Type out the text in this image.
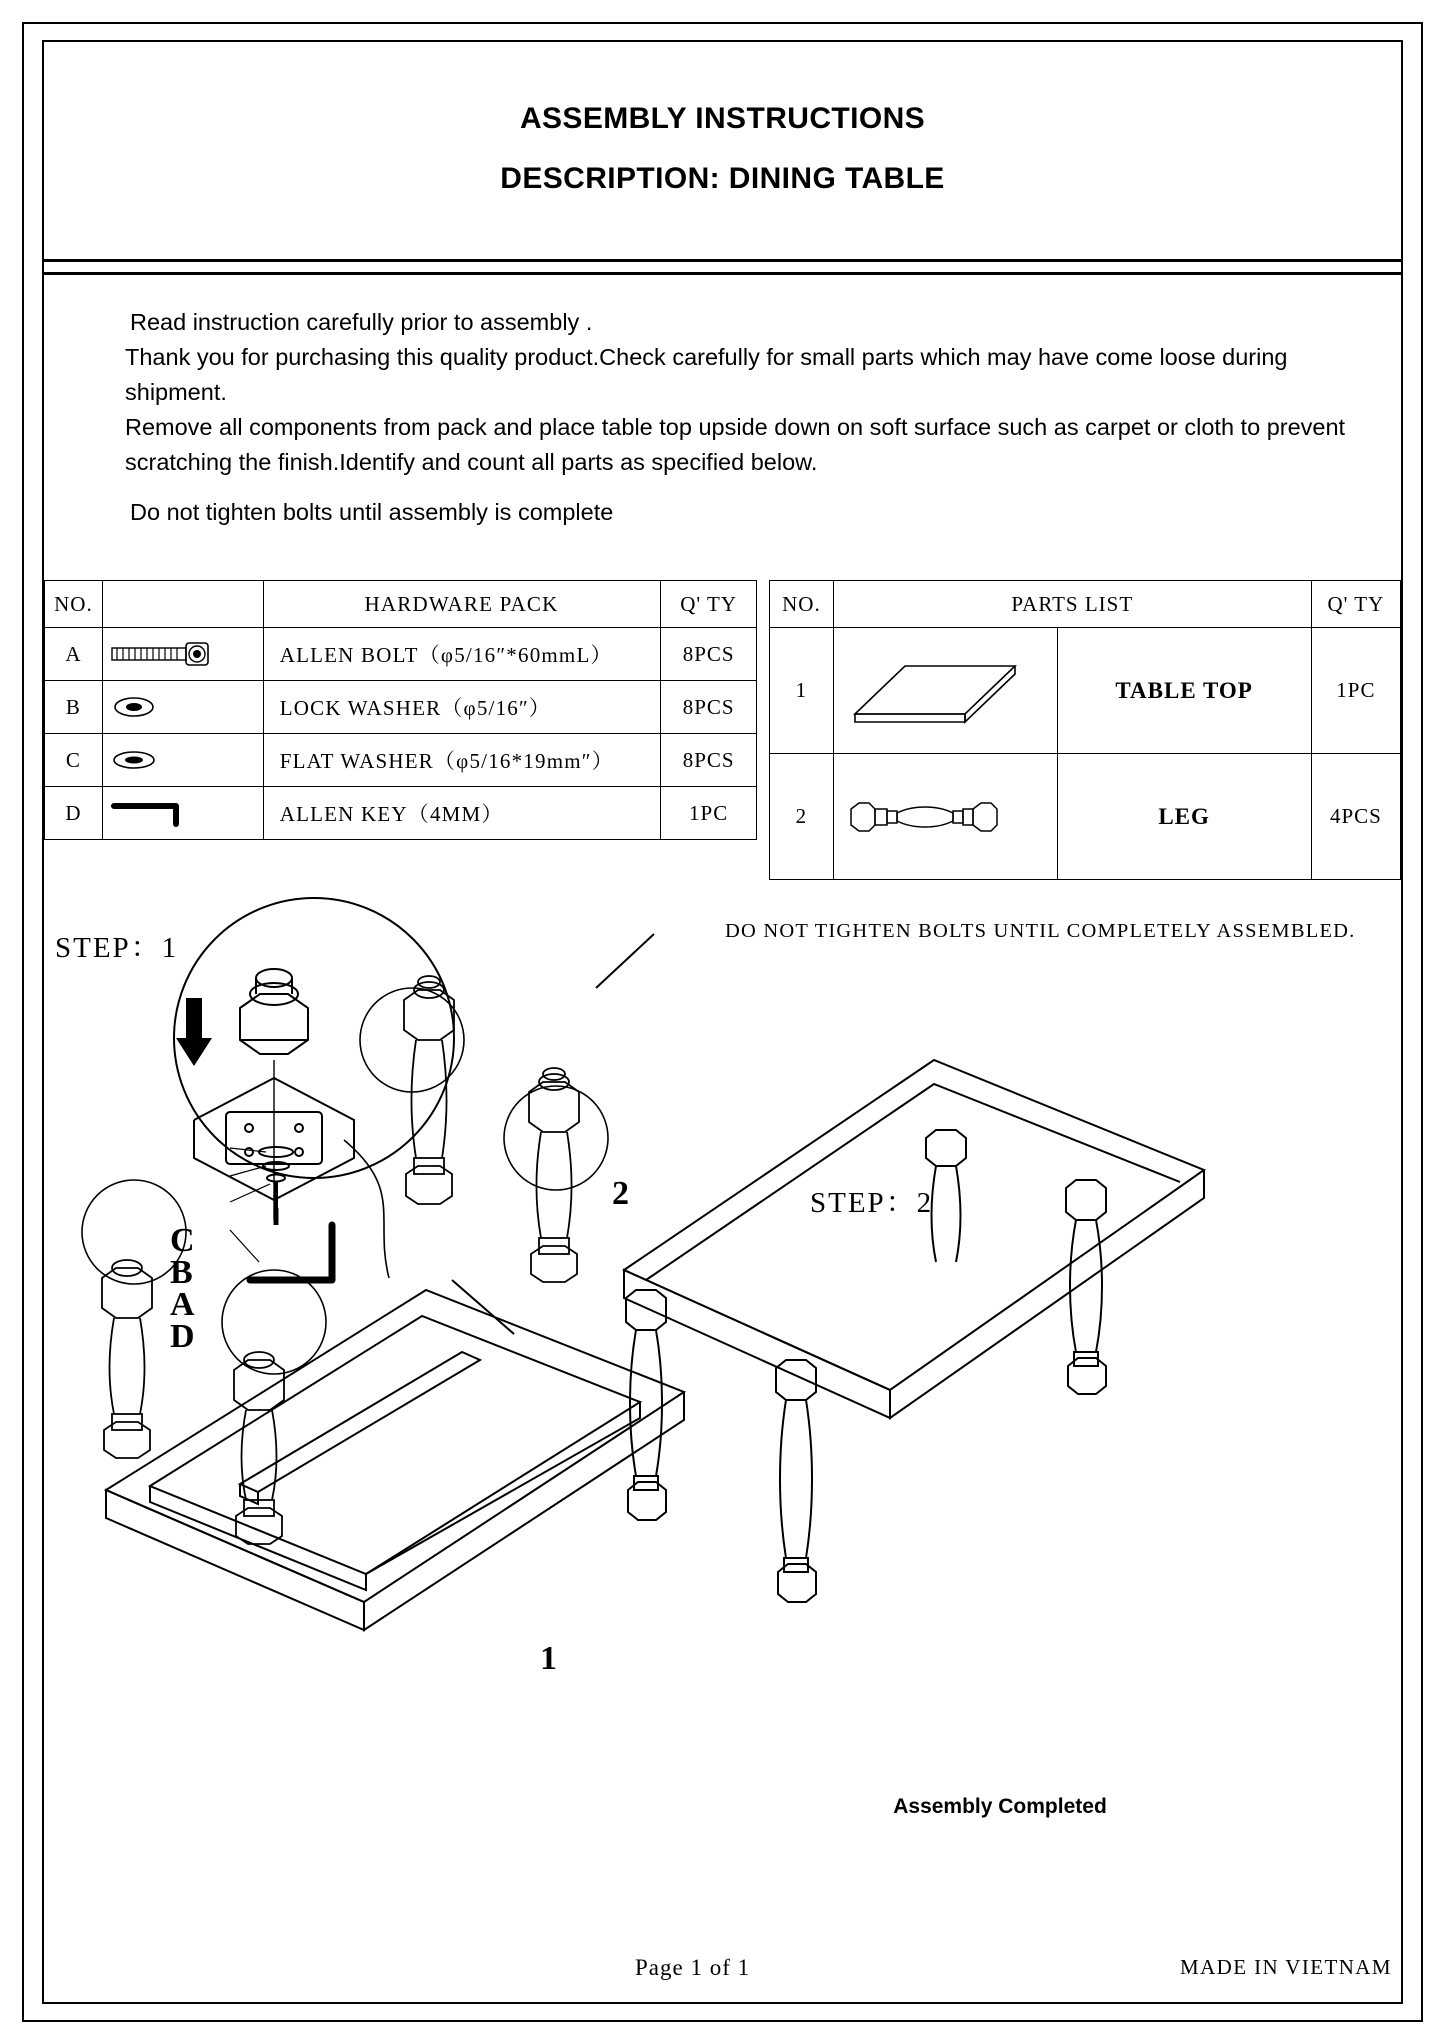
ASSEMBLY INSTRUCTIONS
DESCRIPTION: DINING TABLE

Read instruction carefully prior to assembly .

Thank you for purchasing this quality product.Check carefully for small parts which may have come loose during shipment.

Remove all components from pack and place table top upside down on soft surface such as carpet or cloth to prevent scratching the finish.Identify and count all parts as specified below.

Do not tighten bolts until assembly is complete

NO.		HARDWARE PACK	Q' TY
A		ALLEN BOLT（φ5/16″*60mmL）	8PCS
B		LOCK WASHER（φ5/16″）	8PCS
C		FLAT WASHER（φ5/16*19mm″）	8PCS
D		ALLEN KEY（4MM）	1PC
NO.	PARTS LIST		Q' TY
1		TABLE TOP	1PC
2		LEG	4PCS
DO NOT TIGHTEN BOLTS UNTIL COMPLETELY ASSEMBLED.
STEP：1
STEP：2
C
B
A
D
1
2
Assembly Completed
Page 1 of 1	MADE IN VIETNAM
